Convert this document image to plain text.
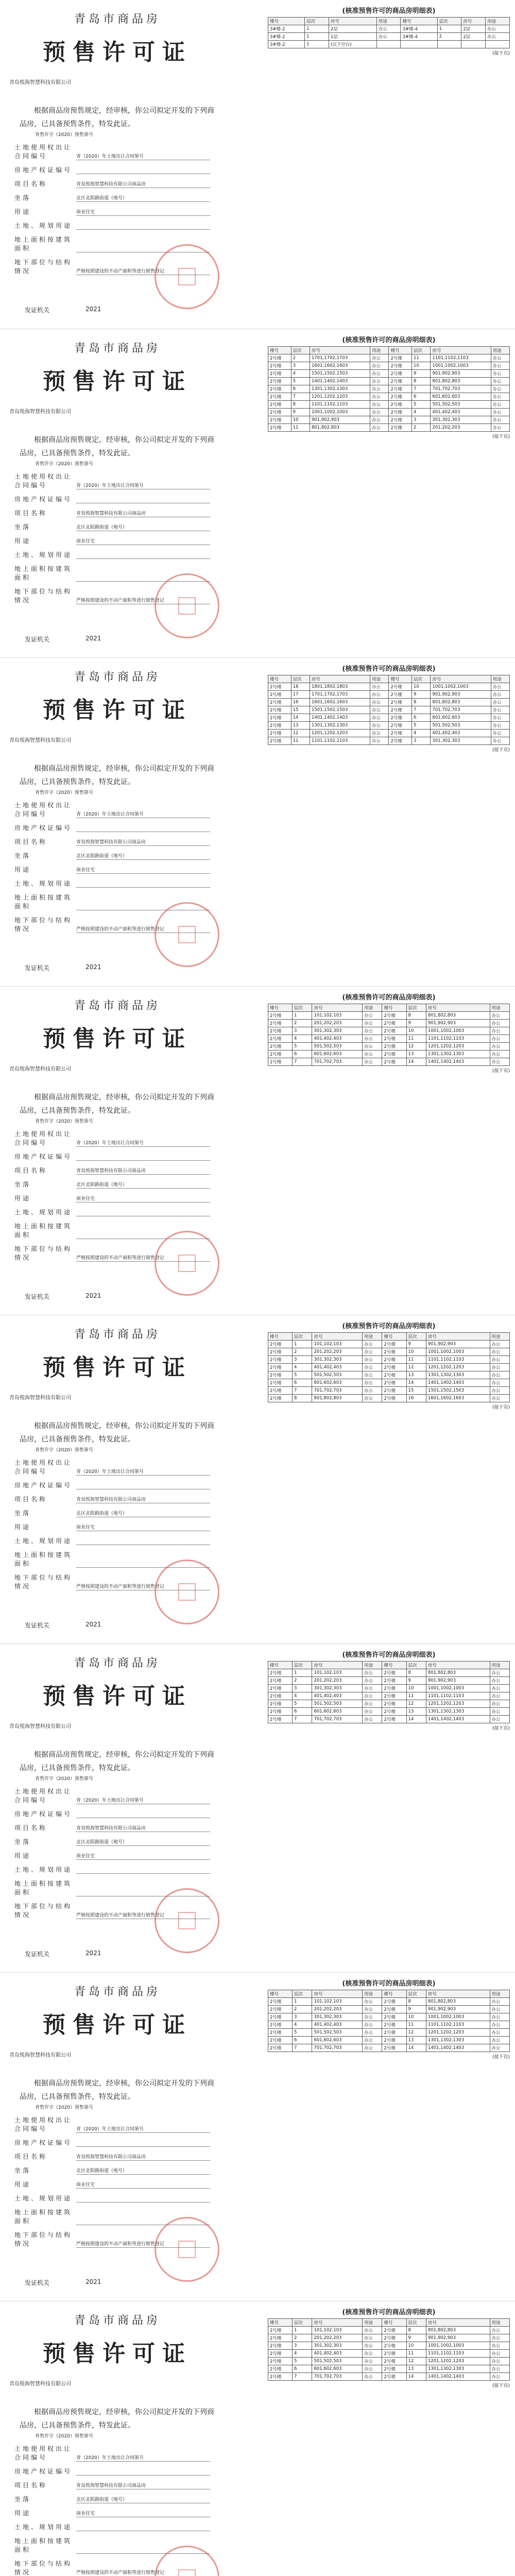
青岛市商品房
预售许可证
青岛悦海智慧科技有限公司
根据商品房预售规定，经审核，你公司拟定开发的下列商品房，已具备预售条件，特发此证。
青售许字（2020）预售第号
土地使用权出让合同编号	青（2020）年土地出让合同第号
房地产权证编号
项目名称	青岛悦海智慧科技有限公司商品房
坐落	北区北阳路街道（地号）
用途	商业住宅
土地、规划用途
地上面积按建筑面积
地下部位与结构情况	严格按照建设的不动产面积等进行销售登记
发证机关	2021
(核准预售许可的商品房明细表)
楼号	层次	房号	用途	楼号	层次	房号	用途
3#楼-2	1	2层	办公	3#楼-4	1	2层	办公
3#楼-2	1	1层	办公	3#楼-4	2	2层	办公
3#楼-2	1	(以下空白)					
(接下页)
青岛市商品房
预售许可证
青岛悦海智慧科技有限公司
根据商品房预售规定，经审核，你公司拟定开发的下列商品房，已具备预售条件，特发此证。
青售许字（2020）预售第号
土地使用权出让合同编号	青（2020）年土地出让合同第号
房地产权证编号
项目名称	青岛悦海智慧科技有限公司商品房
坐落	北区北阳路街道（地号）
用途	商业住宅
土地、规划用途
地上面积按建筑面积
地下部位与结构情况	严格按照建设的不动产面积等进行销售登记
发证机关	2021
(核准预售许可的商品房明细表)
楼号	层次	房号	用途	楼号	层次	房号	用途
2号楼	2	1701,1702,1703	办公	2号楼	11	1101,1102,1103	办公
2号楼	3	1601,1602,1603	办公	2号楼	10	1001,1002,1003	办公
2号楼	4	1501,1502,1503	办公	2号楼	9	901,902,903	办公
2号楼	5	1401,1402,1403	办公	2号楼	8	801,802,803	办公
2号楼	6	1301,1302,1303	办公	2号楼	7	701,702,703	办公
2号楼	7	1201,1202,1203	办公	2号楼	6	601,602,603	办公
2号楼	8	1101,1102,1103	办公	2号楼	5	501,502,503	办公
2号楼	9	1001,1002,1003	办公	2号楼	4	401,402,403	办公
2号楼	10	901,902,903	办公	2号楼	3	301,302,303	办公
2号楼	11	801,802,803	办公	2号楼	2	201,202,203	办公
(接下页)
青岛市商品房
预售许可证
青岛悦海智慧科技有限公司
根据商品房预售规定，经审核，你公司拟定开发的下列商品房，已具备预售条件，特发此证。
青售许字（2020）预售第号
土地使用权出让合同编号	青（2020）年土地出让合同第号
房地产权证编号
项目名称	青岛悦海智慧科技有限公司商品房
坐落	北区北阳路街道（地号）
用途	商业住宅
土地、规划用途
地上面积按建筑面积
地下部位与结构情况	严格按照建设的不动产面积等进行销售登记
发证机关	2021
(核准预售许可的商品房明细表)
楼号	层次	房号	用途	楼号	层次	房号	用途
2号楼	18	1801,1802,1803	办公	2号楼	10	1001,1002,1003	办公
2号楼	17	1701,1702,1703	办公	2号楼	9	901,902,903	办公
2号楼	16	1601,1602,1603	办公	2号楼	8	801,802,803	办公
2号楼	15	1501,1502,1503	办公	2号楼	7	701,702,703	办公
2号楼	14	1401,1402,1403	办公	2号楼	6	601,602,603	办公
2号楼	13	1301,1302,1303	办公	2号楼	5	501,502,503	办公
2号楼	12	1201,1202,1203	办公	2号楼	4	401,402,403	办公
2号楼	11	1101,1102,1103	办公	2号楼	3	301,302,303	办公
(接下页)
青岛市商品房
预售许可证
青岛悦海智慧科技有限公司
根据商品房预售规定，经审核，你公司拟定开发的下列商品房，已具备预售条件，特发此证。
青售许字（2020）预售第号
土地使用权出让合同编号	青（2020）年土地出让合同第号
房地产权证编号
项目名称	青岛悦海智慧科技有限公司商品房
坐落	北区北阳路街道（地号）
用途	商业住宅
土地、规划用途
地上面积按建筑面积
地下部位与结构情况	严格按照建设的不动产面积等进行销售登记
发证机关	2021
(核准预售许可的商品房明细表)
楼号	层次	房号	用途	楼号	层次	房号	用途
2号楼	1	101,102,103	办公	2号楼	8	801,802,803	办公
2号楼	2	201,202,203	办公	2号楼	9	901,902,903	办公
2号楼	3	301,302,303	办公	2号楼	10	1001,1002,1003	办公
2号楼	4	401,402,403	办公	2号楼	11	1101,1102,1103	办公
2号楼	5	501,502,503	办公	2号楼	12	1201,1202,1203	办公
2号楼	6	601,602,603	办公	2号楼	13	1301,1302,1303	办公
2号楼	7	701,702,703	办公	2号楼	14	1401,1402,1403	办公
(接下页)
青岛市商品房
预售许可证
青岛悦海智慧科技有限公司
根据商品房预售规定，经审核，你公司拟定开发的下列商品房，已具备预售条件，特发此证。
青售许字（2020）预售第号
土地使用权出让合同编号	青（2020）年土地出让合同第号
房地产权证编号
项目名称	青岛悦海智慧科技有限公司商品房
坐落	北区北阳路街道（地号）
用途	商业住宅
土地、规划用途
地上面积按建筑面积
地下部位与结构情况	严格按照建设的不动产面积等进行销售登记
发证机关	2021
(核准预售许可的商品房明细表)
楼号	层次	房号	用途	楼号	层次	房号	用途
2号楼	1	101,102,103	办公	2号楼	9	901,902,903	办公
2号楼	2	201,202,203	办公	2号楼	10	1001,1002,1003	办公
2号楼	3	301,302,303	办公	2号楼	11	1101,1102,1103	办公
2号楼	4	401,402,403	办公	2号楼	12	1201,1202,1203	办公
2号楼	5	501,502,503	办公	2号楼	13	1301,1302,1303	办公
2号楼	6	601,602,603	办公	2号楼	14	1401,1402,1403	办公
2号楼	7	701,702,703	办公	2号楼	15	1501,1502,1503	办公
2号楼	8	801,802,803	办公	2号楼	16	1601,1602,1603	办公
(接下页)
青岛市商品房
预售许可证
青岛悦海智慧科技有限公司
根据商品房预售规定，经审核，你公司拟定开发的下列商品房，已具备预售条件，特发此证。
青售许字（2020）预售第号
土地使用权出让合同编号	青（2020）年土地出让合同第号
房地产权证编号
项目名称	青岛悦海智慧科技有限公司商品房
坐落	北区北阳路街道（地号）
用途	商业住宅
土地、规划用途
地上面积按建筑面积
地下部位与结构情况	严格按照建设的不动产面积等进行销售登记
发证机关	2021
(核准预售许可的商品房明细表)
楼号	层次	房号	用途	楼号	层次	房号	用途
2号楼	1	101,102,103	办公	2号楼	8	801,802,803	办公
2号楼	2	201,202,203	办公	2号楼	9	901,902,903	办公
2号楼	3	301,302,303	办公	2号楼	10	1001,1002,1003	办公
2号楼	4	401,402,403	办公	2号楼	11	1101,1102,1103	办公
2号楼	5	501,502,503	办公	2号楼	12	1201,1202,1203	办公
2号楼	6	601,602,603	办公	2号楼	13	1301,1302,1303	办公
2号楼	7	701,702,703	办公	2号楼	14	1401,1402,1403	办公
(接下页)
青岛市商品房
预售许可证
青岛悦海智慧科技有限公司
根据商品房预售规定，经审核，你公司拟定开发的下列商品房，已具备预售条件，特发此证。
青售许字（2020）预售第号
土地使用权出让合同编号	青（2020）年土地出让合同第号
房地产权证编号
项目名称	青岛悦海智慧科技有限公司商品房
坐落	北区北阳路街道（地号）
用途	商业住宅
土地、规划用途
地上面积按建筑面积
地下部位与结构情况	严格按照建设的不动产面积等进行销售登记
发证机关	2021
(核准预售许可的商品房明细表)
楼号	层次	房号	用途	楼号	层次	房号	用途
2号楼	1	101,102,103	办公	2号楼	8	801,802,803	办公
2号楼	2	201,202,203	办公	2号楼	9	901,902,903	办公
2号楼	3	301,302,303	办公	2号楼	10	1001,1002,1003	办公
2号楼	4	401,402,403	办公	2号楼	11	1101,1102,1103	办公
2号楼	5	501,502,503	办公	2号楼	12	1201,1202,1203	办公
2号楼	6	601,602,603	办公	2号楼	13	1301,1302,1303	办公
2号楼	7	701,702,703	办公	2号楼	14	1401,1402,1403	办公
(接下页)
青岛市商品房
预售许可证
青岛悦海智慧科技有限公司
根据商品房预售规定，经审核，你公司拟定开发的下列商品房，已具备预售条件，特发此证。
青售许字（2020）预售第号
土地使用权出让合同编号	青（2020）年土地出让合同第号
房地产权证编号
项目名称	青岛悦海智慧科技有限公司商品房
坐落	北区北阳路街道（地号）
用途	商业住宅
土地、规划用途
地上面积按建筑面积
地下部位与结构情况	严格按照建设的不动产面积等进行销售登记
(核准预售许可的商品房明细表)
楼号	层次	房号	用途	楼号	层次	房号	用途
2号楼	1	101,102,103	办公	2号楼	8	801,802,803	办公
2号楼	2	201,202,203	办公	2号楼	9	901,902,903	办公
2号楼	3	301,302,303	办公	2号楼	10	1001,1002,1003	办公
2号楼	4	401,402,403	办公	2号楼	11	1101,1102,1103	办公
2号楼	5	501,502,503	办公	2号楼	12	1201,1202,1203	办公
2号楼	6	601,602,603	办公	2号楼	13	1301,1302,1303	办公
2号楼	7	701,702,703	办公	2号楼	14	1401,1402,1403	办公
(接下页)
